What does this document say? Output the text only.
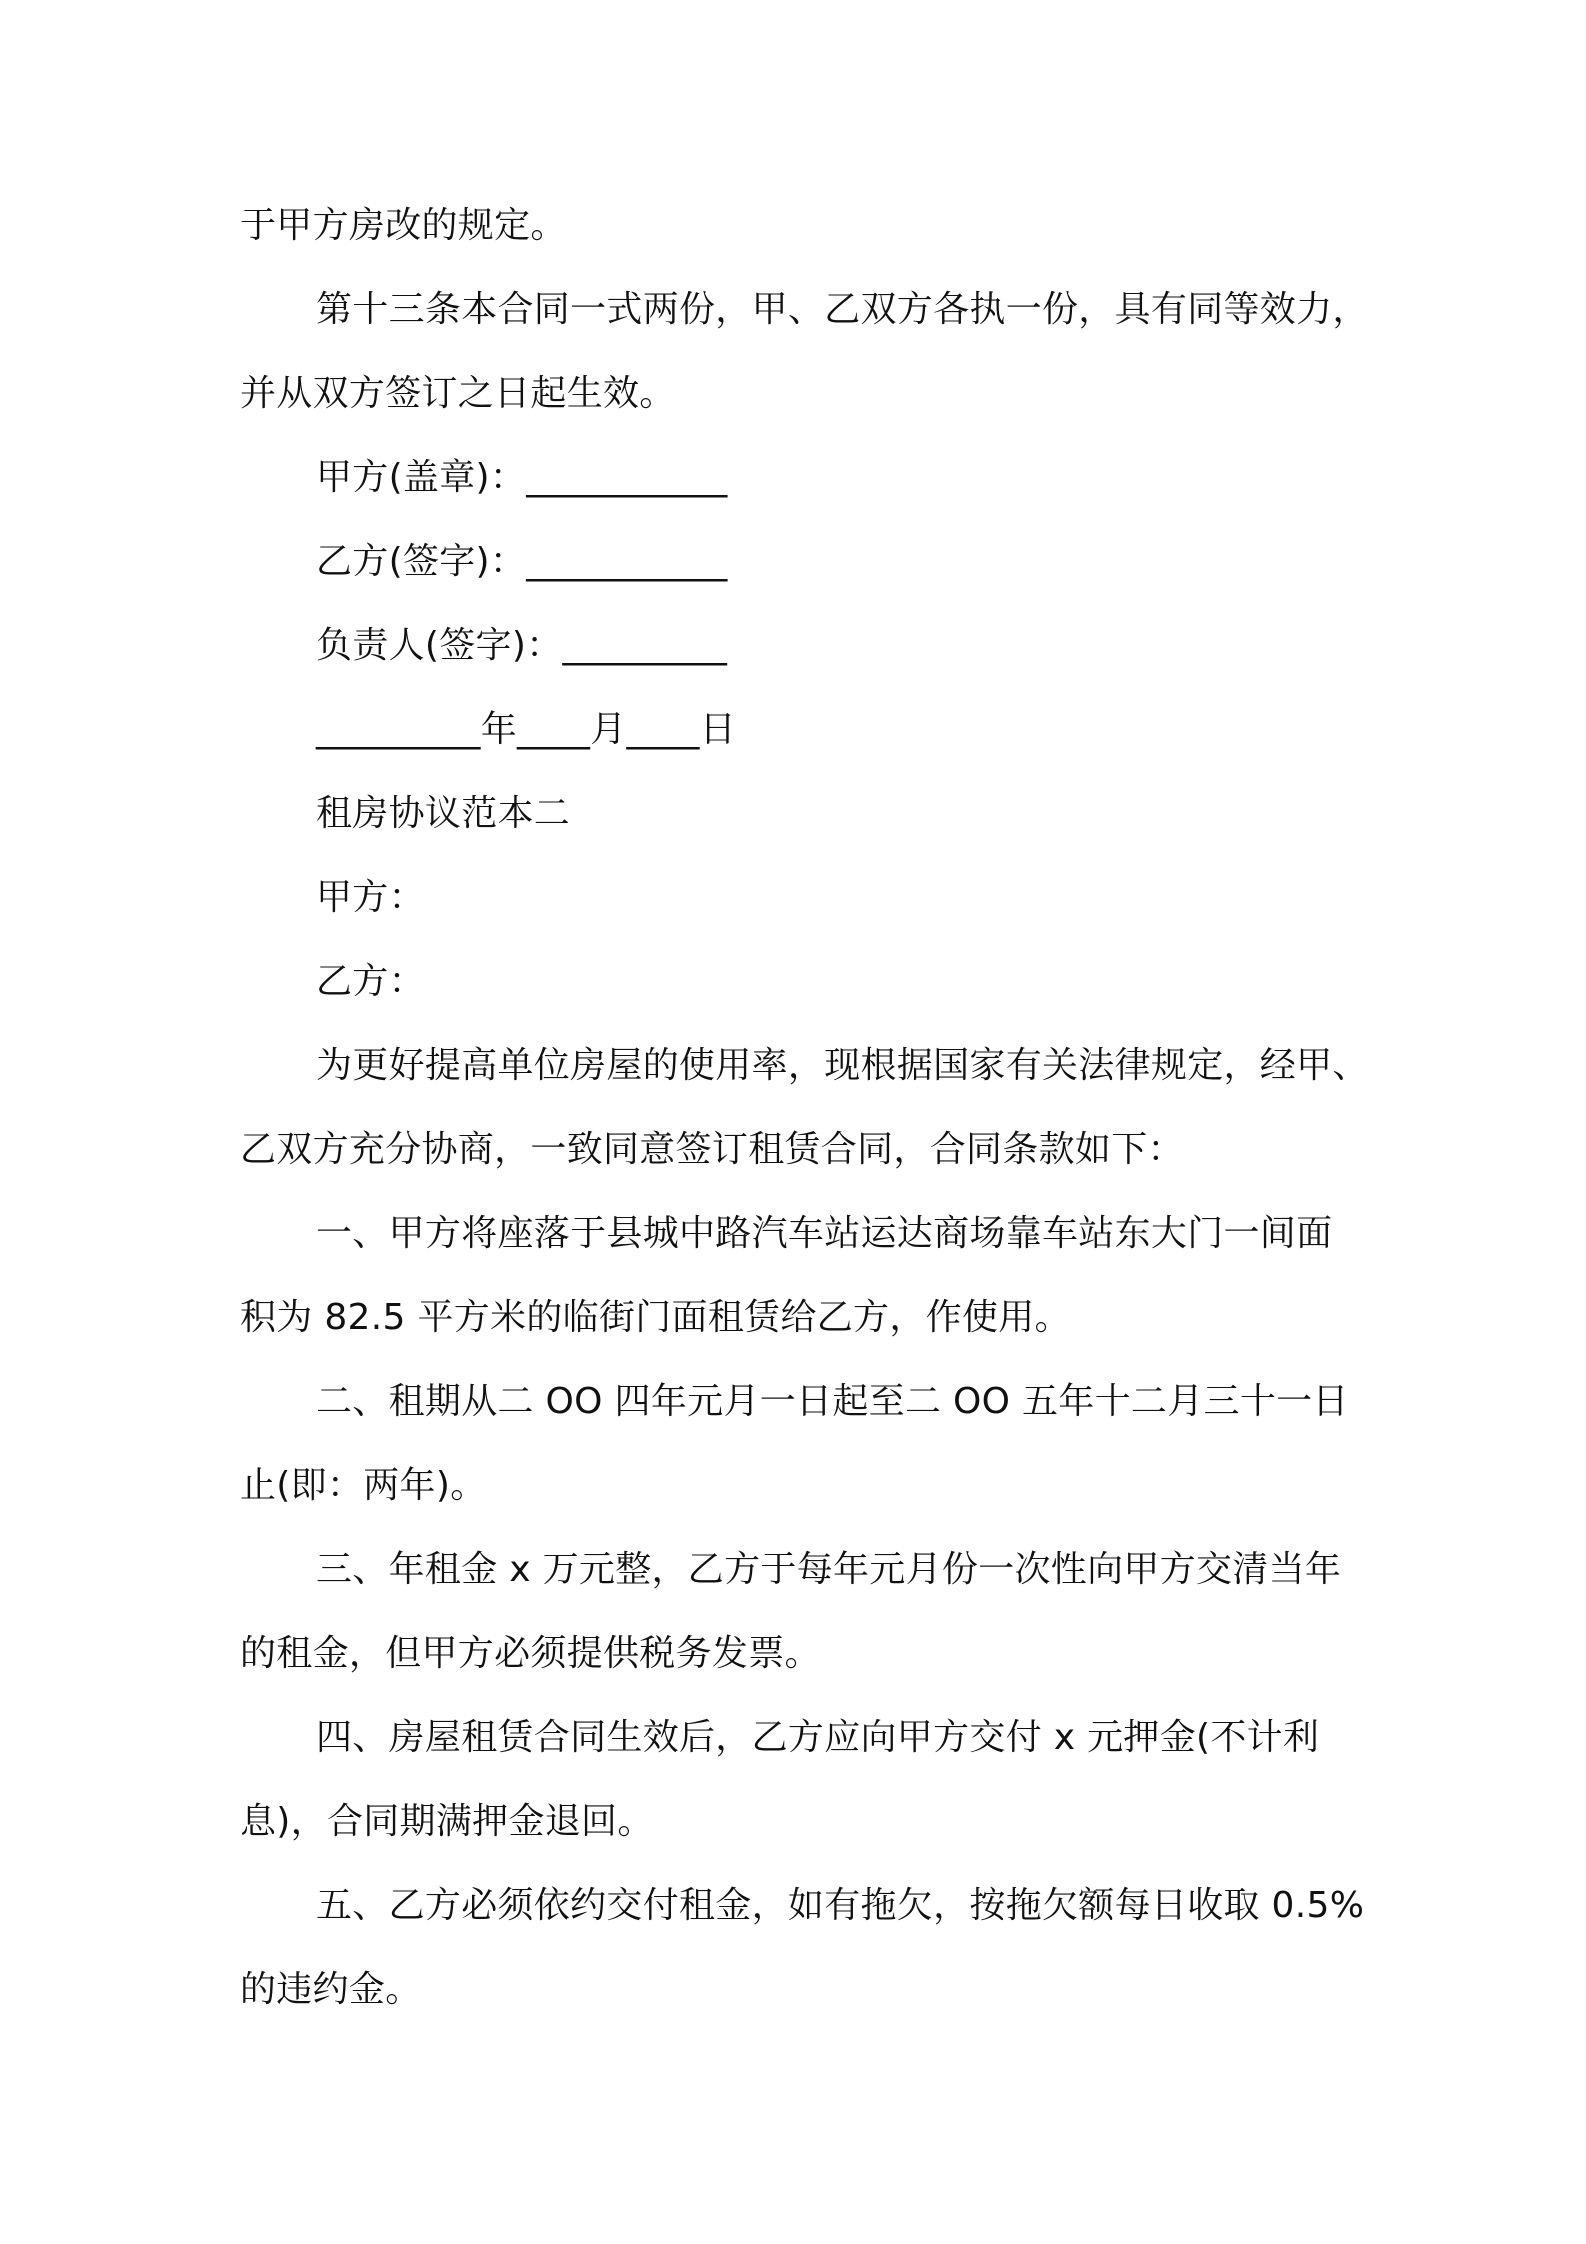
于甲方房改的规定。
第十三条本合同一式两份，甲、乙双方各执一份，具有同等效力，
并从双方签订之日起生效。
甲方(盖章)：___________
乙方(签字)：___________
负责人(签字)：_________
_________年____月____日
租房协议范本二
甲方：
乙方：
为更好提高单位房屋的使用率，现根据国家有关法律规定，经甲、
乙双方充分协商，一致同意签订租赁合同，合同条款如下：
一、甲方将座落于县城中路汽车站运达商场靠车站东大门一间面
积为 82.5 平方米的临街门面租赁给乙方，作使用。
二、租期从二 OO 四年元月一日起至二 OO 五年十二月三十一日
止(即：两年)。
三、年租金 x 万元整，乙方于每年元月份一次性向甲方交清当年
的租金，但甲方必须提供税务发票。
四、房屋租赁合同生效后，乙方应向甲方交付 x 元押金(不计利
息)，合同期满押金退回。
五、乙方必须依约交付租金，如有拖欠，按拖欠额每日收取 0.5%
的违约金。
